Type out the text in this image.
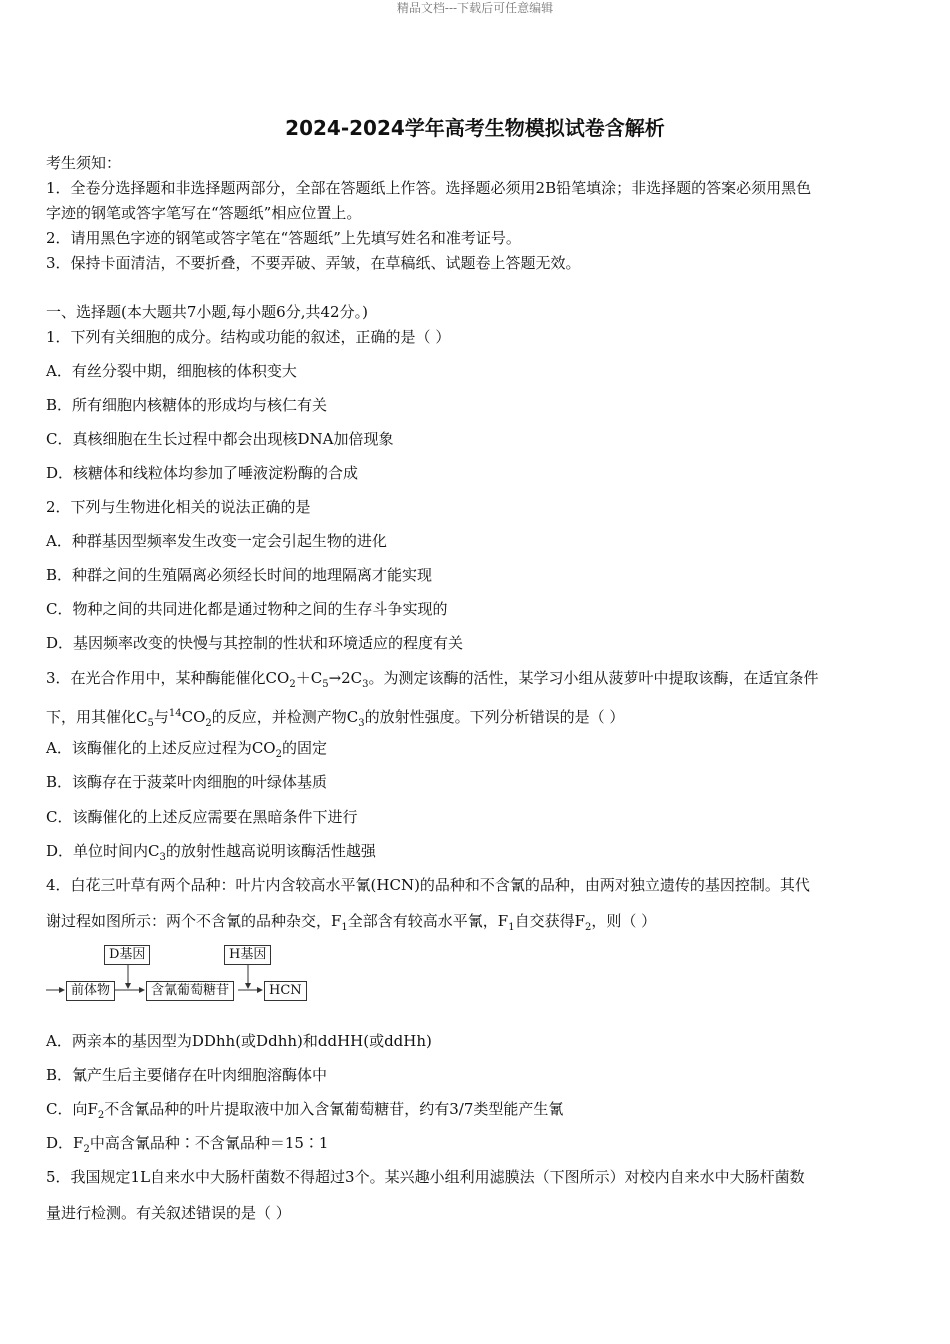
精品文档---下载后可任意编辑
2024-2024学年高考生物模拟试卷含解析
考生须知：
1．全卷分选择题和非选择题两部分，全部在答题纸上作答。选择题必须用2B铅笔填涂；非选择题的答案必须用黑色
字迹的钢笔或答字笔写在“答题纸”相应位置上。
2．请用黑色字迹的钢笔或答字笔在“答题纸”上先填写姓名和准考证号。
3．保持卡面清洁，不要折叠，不要弄破、弄皱，在草稿纸、试题卷上答题无效。
一、选择题(本大题共7小题,每小题6分,共42分。)
1．下列有关细胞的成分。结构或功能的叙述，正确的是（ ）
A．有丝分裂中期，细胞核的体积变大
B．所有细胞内核糖体的形成均与核仁有关
C．真核细胞在生长过程中都会出现核DNA加倍现象
D．核糖体和线粒体均参加了唾液淀粉酶的合成
2．下列与生物进化相关的说法正确的是
A．种群基因型频率发生改变一定会引起生物的进化
B．种群之间的生殖隔离必须经长时间的地理隔离才能实现
C．物种之间的共同进化都是通过物种之间的生存斗争实现的
D．基因频率改变的快慢与其控制的性状和环境适应的程度有关
3．在光合作用中，某种酶能催化$CO_2+C_5\to 2C_3$。为测定该酶的活性，某学习小组从菠萝叶中提取该酶，在适宜条件
下，用其催化$C_5$与$^{14}CO_2$的反应，并检测产物$C_3$的放射性强度。下列分析错误的是（ ）
A．该酶催化的上述反应过程为$CO_2$的固定
B．该酶存在于菠菜叶肉细胞的叶绿体基质
C．该酶催化的上述反应需要在黑暗条件下进行
D．单位时间内$C_3$的放射性越高说明该酶活性越强
4．白花三叶草有两个品种：叶片内含较高水平氰(HCN)的品种和不含氰的品种，由两对独立遗传的基因控制。其代
谢过程如图所示：两个不含氰的品种杂交，$F_1$全部含有较高水平氰，$F_1$自交获得$F_2$，则（ ）
D基因	H基因
前体物	含氰葡萄糖苷	HCN
A．两亲本的基因型为DDhh(或Ddhh)和ddHH(或ddHh)
B．氰产生后主要储存在叶肉细胞溶酶体中
C．向$F_2$不含氰品种的叶片提取液中加入含氰葡萄糖苷，约有3/7类型能产生氰
D．$F_2$中高含氰品种∶不含氰品种＝15∶1
5．我国规定1L自来水中大肠杆菌数不得超过3个。某兴趣小组利用滤膜法（下图所示）对校内自来水中大肠杆菌数
量进行检测。有关叙述错误的是（ ）
